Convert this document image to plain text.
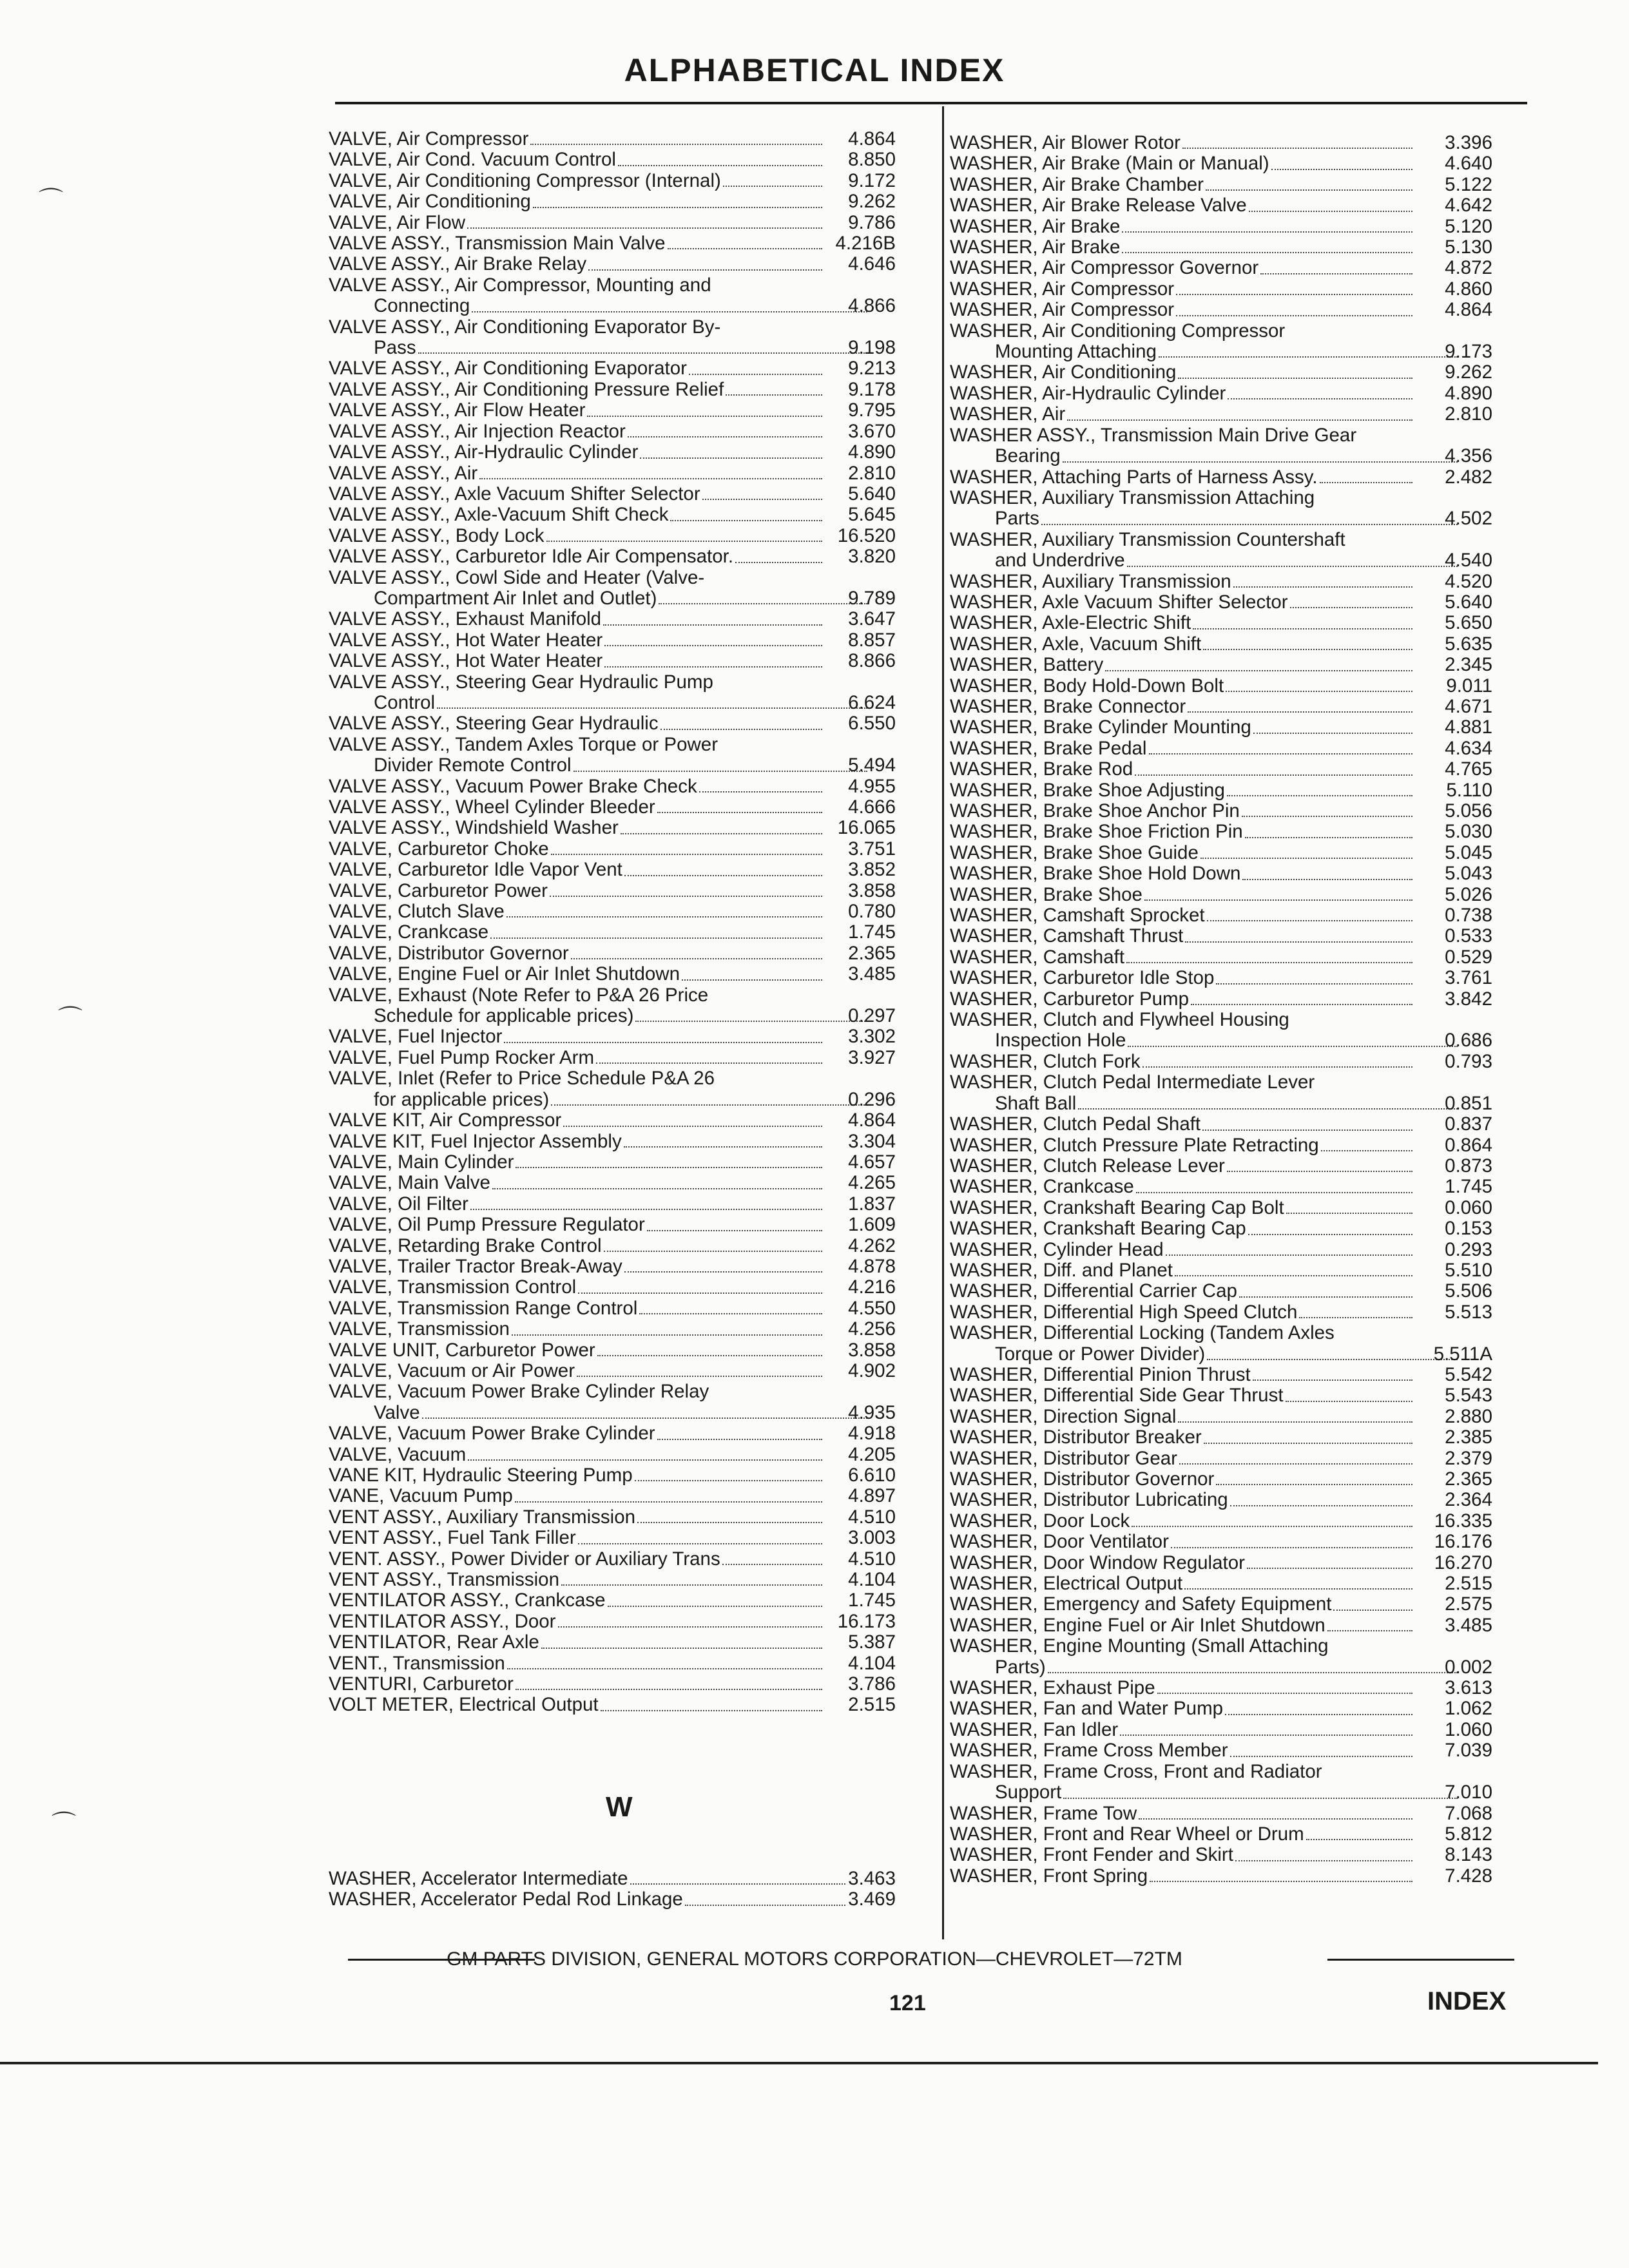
ALPHABETICAL INDEX
VALVE, Air Compressor	4.864
VALVE, Air Cond. Vacuum Control	8.850
VALVE, Air Conditioning Compressor (Internal)	9.172
VALVE, Air Conditioning	9.262
VALVE, Air Flow	9.786
VALVE ASSY., Transmission Main Valve	4.216B
VALVE ASSY., Air Brake Relay	4.646
VALVE ASSY., Air Compressor, Mounting and
Connecting	4.866
VALVE ASSY., Air Conditioning Evaporator By-
Pass	9.198
VALVE ASSY., Air Conditioning Evaporator	9.213
VALVE ASSY., Air Conditioning Pressure Relief	9.178
VALVE ASSY., Air Flow Heater	9.795
VALVE ASSY., Air Injection Reactor	3.670
VALVE ASSY., Air-Hydraulic Cylinder	4.890
VALVE ASSY., Air	2.810
VALVE ASSY., Axle Vacuum Shifter Selector	5.640
VALVE ASSY., Axle-Vacuum Shift Check	5.645
VALVE ASSY., Body Lock	16.520
VALVE ASSY., Carburetor Idle Air Compensator.	3.820
VALVE ASSY., Cowl Side and Heater (Valve-
Compartment Air Inlet and Outlet)	9.789
VALVE ASSY., Exhaust Manifold	3.647
VALVE ASSY., Hot Water Heater	8.857
VALVE ASSY., Hot Water Heater	8.866
VALVE ASSY., Steering Gear Hydraulic Pump
Control	6.624
VALVE ASSY., Steering Gear Hydraulic	6.550
VALVE ASSY., Tandem Axles Torque or Power
Divider Remote Control	5.494
VALVE ASSY., Vacuum Power Brake Check	4.955
VALVE ASSY., Wheel Cylinder Bleeder	4.666
VALVE ASSY., Windshield Washer	16.065
VALVE, Carburetor Choke	3.751
VALVE, Carburetor Idle Vapor Vent	3.852
VALVE, Carburetor Power	3.858
VALVE, Clutch Slave	0.780
VALVE, Crankcase	1.745
VALVE, Distributor Governor	2.365
VALVE, Engine Fuel or Air Inlet Shutdown	3.485
VALVE, Exhaust (Note Refer to P&A 26 Price
Schedule for applicable prices)	0.297
VALVE, Fuel Injector	3.302
VALVE, Fuel Pump Rocker Arm	3.927
VALVE, Inlet (Refer to Price Schedule P&A 26
for applicable prices)	0.296
VALVE KIT, Air Compressor	4.864
VALVE KIT, Fuel Injector Assembly	3.304
VALVE, Main Cylinder	4.657
VALVE, Main Valve	4.265
VALVE, Oil Filter	1.837
VALVE, Oil Pump Pressure Regulator	1.609
VALVE, Retarding Brake Control	4.262
VALVE, Trailer Tractor Break-Away	4.878
VALVE, Transmission Control	4.216
VALVE, Transmission Range Control	4.550
VALVE, Transmission	4.256
VALVE UNIT, Carburetor Power	3.858
VALVE, Vacuum or Air Power	4.902
VALVE, Vacuum Power Brake Cylinder Relay
Valve	4.935
VALVE, Vacuum Power Brake Cylinder	4.918
VALVE, Vacuum	4.205
VANE KIT, Hydraulic Steering Pump	6.610
VANE, Vacuum Pump	4.897
VENT ASSY., Auxiliary Transmission	4.510
VENT ASSY., Fuel Tank Filler	3.003
VENT. ASSY., Power Divider or Auxiliary Trans	4.510
VENT ASSY., Transmission	4.104
VENTILATOR ASSY., Crankcase	1.745
VENTILATOR ASSY., Door	16.173
VENTILATOR, Rear Axle	5.387
VENT., Transmission	4.104
VENTURI, Carburetor	3.786
VOLT METER, Electrical Output	2.515
W
WASHER, Accelerator Intermediate	3.463
WASHER, Accelerator Pedal Rod Linkage	3.469
WASHER, Air Blower Rotor	3.396
WASHER, Air Brake (Main or Manual)	4.640
WASHER, Air Brake Chamber	5.122
WASHER, Air Brake Release Valve	4.642
WASHER, Air Brake	5.120
WASHER, Air Brake	5.130
WASHER, Air Compressor Governor	4.872
WASHER, Air Compressor	4.860
WASHER, Air Compressor	4.864
WASHER, Air Conditioning Compressor
Mounting Attaching	9.173
WASHER, Air Conditioning	9.262
WASHER, Air-Hydraulic Cylinder	4.890
WASHER, Air	2.810
WASHER ASSY., Transmission Main Drive Gear
Bearing	4.356
WASHER, Attaching Parts of Harness Assy.	2.482
WASHER, Auxiliary Transmission Attaching
Parts	4.502
WASHER, Auxiliary Transmission Countershaft
and Underdrive	4.540
WASHER, Auxiliary Transmission	4.520
WASHER, Axle Vacuum Shifter Selector	5.640
WASHER, Axle-Electric Shift	5.650
WASHER, Axle, Vacuum Shift	5.635
WASHER, Battery	2.345
WASHER, Body Hold-Down Bolt	9.011
WASHER, Brake Connector	4.671
WASHER, Brake Cylinder Mounting	4.881
WASHER, Brake Pedal	4.634
WASHER, Brake Rod	4.765
WASHER, Brake Shoe Adjusting	5.110
WASHER, Brake Shoe Anchor Pin	5.056
WASHER, Brake Shoe Friction Pin	5.030
WASHER, Brake Shoe Guide	5.045
WASHER, Brake Shoe Hold Down	5.043
WASHER, Brake Shoe	5.026
WASHER, Camshaft Sprocket	0.738
WASHER, Camshaft Thrust	0.533
WASHER, Camshaft	0.529
WASHER, Carburetor Idle Stop	3.761
WASHER, Carburetor Pump	3.842
WASHER, Clutch and Flywheel Housing
Inspection Hole	0.686
WASHER, Clutch Fork	0.793
WASHER, Clutch Pedal Intermediate Lever
Shaft Ball	0.851
WASHER, Clutch Pedal Shaft	0.837
WASHER, Clutch Pressure Plate Retracting	0.864
WASHER, Clutch Release Lever	0.873
WASHER, Crankcase	1.745
WASHER, Crankshaft Bearing Cap Bolt	0.060
WASHER, Crankshaft Bearing Cap	0.153
WASHER, Cylinder Head	0.293
WASHER, Diff. and Planet	5.510
WASHER, Differential Carrier Cap	5.506
WASHER, Differential High Speed Clutch	5.513
WASHER, Differential Locking (Tandem Axles
Torque or Power Divider)	5.511A
WASHER, Differential Pinion Thrust	5.542
WASHER, Differential Side Gear Thrust	5.543
WASHER, Direction Signal	2.880
WASHER, Distributor Breaker	2.385
WASHER, Distributor Gear	2.379
WASHER, Distributor Governor	2.365
WASHER, Distributor Lubricating	2.364
WASHER, Door Lock	16.335
WASHER, Door Ventilator	16.176
WASHER, Door Window Regulator	16.270
WASHER, Electrical Output	2.515
WASHER, Emergency and Safety Equipment	2.575
WASHER, Engine Fuel or Air Inlet Shutdown	3.485
WASHER, Engine Mounting (Small Attaching
Parts)	0.002
WASHER, Exhaust Pipe	3.613
WASHER, Fan and Water Pump	1.062
WASHER, Fan Idler	1.060
WASHER, Frame Cross Member	7.039
WASHER, Frame Cross, Front and Radiator
Support	7.010
WASHER, Frame Tow	7.068
WASHER, Front and Rear Wheel or Drum	5.812
WASHER, Front Fender and Skirt	8.143
WASHER, Front Spring	7.428
GM PARTS DIVISION, GENERAL MOTORS CORPORATION—CHEVROLET—72TM
121	INDEX
⌒
⌒
⌒
